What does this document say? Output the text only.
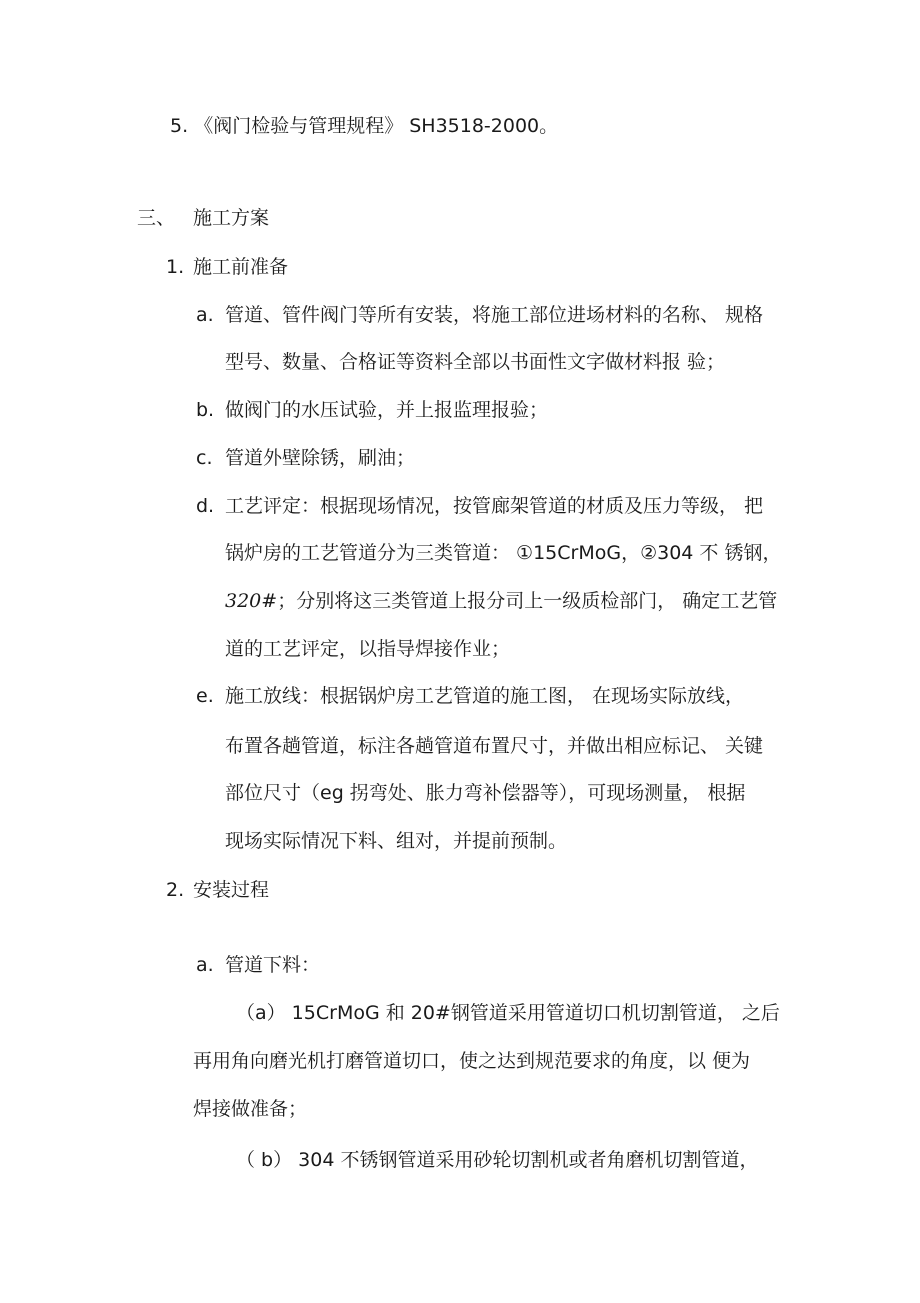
5. 《阀门检验与管理规程》 SH3518-2000。
三、 施工方案
1. 施工前准备
a. 管道、管件阀门等所有安装，将施工部位进场材料的名称、 规格
型号、数量、合格证等资料全部以书面性文字做材料报 验；
b. 做阀门的水压试验，并上报监理报验；
c. 管道外壁除锈，刷油；
d. 工艺评定：根据现场情况，按管廊架管道的材质及压力等级， 把
锅炉房的工艺管道分为三类管道： ①15CrMoG，②304 不 锈钢，
320#；分别将这三类管道上报分司上一级质检部门， 确定工艺管
道的工艺评定，以指导焊接作业；
e. 施工放线：根据锅炉房工艺管道的施工图， 在现场实际放线，
布置各趟管道，标注各趟管道布置尺寸，并做出相应标记、 关键
部位尺寸（eg 拐弯处、胀力弯补偿器等），可现场测量， 根据
现场实际情况下料、组对，并提前预制。
2. 安装过程
a. 管道下料：
（a） 15CrMoG 和 20#钢管道采用管道切口机切割管道， 之后
再用角向磨光机打磨管道切口，使之达到规范要求的角度，以 便为
焊接做准备；
（ b） 304 不锈钢管道采用砂轮切割机或者角磨机切割管道，
